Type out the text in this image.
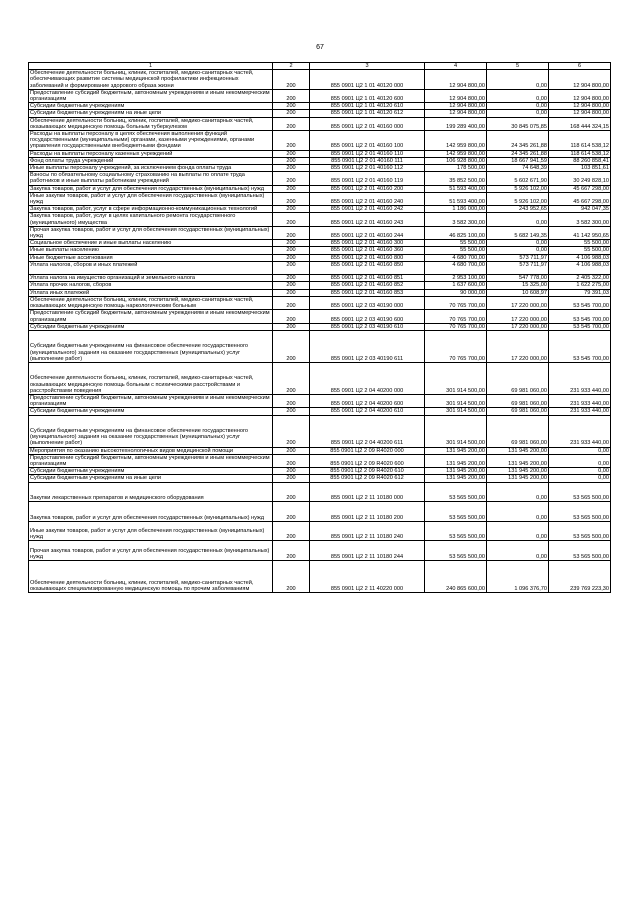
67
1	2	3	4	5	6
Обеспечение деятельности больниц, клиник, госпиталей, медико-санитарных частей, обеспечивающих развитие системы медицинской профилактики инфекционных заболеваний и формирование здорового образа жизни	200	855 0901 Ц2 1 01 40120 000	12 904 800,00	0,00	12 904 800,00
Предоставление субсидий бюджетным, автономным учреждениям и иным некоммерческим организациям	200	855 0901 Ц2 1 01 40120 600	12 904 800,00	0,00	12 904 800,00
Субсидии бюджетным учреждениям	200	855 0901 Ц2 1 01 40120 610	12 904 800,00	0,00	12 904 800,00
Субсидии бюджетным учреждениям на иные цели	200	855 0901 Ц2 1 01 40120 612	12 904 800,00	0,00	12 904 800,00
Обеспечение деятельности больниц, клиник, госпиталей, медико-санитарных частей, оказывающих медицинскую помощь больным туберкулезом	200	855 0901 Ц2 2 01 40160 000	199 289 400,00	30 845 075,85	168 444 324,15
Расходы на выплаты персоналу в целях обеспечения выполнения функций государственными (муниципальными) органами, казенными учреждениями, органами управления государственными внебюджетными фондами	200	855 0901 Ц2 2 01 40160 100	142 959 800,00	24 345 261,88	118 614 538,12
Расходы на выплаты персоналу казенных учреждений	200	855 0901 Ц2 2 01 40160 110	142 959 800,00	24 345 261,88	118 614 538,12
Фонд оплаты труда учреждений	200	855 0901 Ц2 2 01 40160 111	106 928 800,00	18 667 941,59	88 260 858,41
Иные выплаты персоналу учреждений, за исключением фонда оплаты труда	200	855 0901 Ц2 2 01 40160 112	178 500,00	74 648,39	103 851,61
Взносы по обязательному социальному страхованию на выплаты по оплате труда работников и иные выплаты работникам учреждений	200	855 0901 Ц2 2 01 40160 119	35 852 500,00	5 602 671,90	30 249 828,10
Закупка товаров, работ и услуг для обеспечения государственных (муниципальных) нужд	200	855 0901 Ц2 2 01 40160 200	51 593 400,00	5 926 102,00	45 667 298,00
Иные закупки товаров, работ и услуг для обеспечения государственных (муниципальных) нужд	200	855 0901 Ц2 2 01 40160 240	51 593 400,00	5 926 102,00	45 667 298,00
Закупка товаров, работ, услуг в сфере информационно-коммуникационных технологий	200	855 0901 Ц2 2 01 40160 242	1 186 000,00	243 952,65	942 047,35
Закупка товаров, работ, услуг в целях капитального ремонта государственного (муниципального) имущества	200	855 0901 Ц2 2 01 40160 243	3 582 300,00	0,00	3 582 300,00
Прочая закупка товаров, работ и услуг для обеспечения государственных (муниципальных) нужд	200	855 0901 Ц2 2 01 40160 244	46 825 100,00	5 682 149,35	41 142 950,65
Социальное обеспечение и иные выплаты населению	200	855 0901 Ц2 2 01 40160 300	55 500,00	0,00	55 500,00
Иные выплаты населению	200	855 0901 Ц2 2 01 40160 360	55 500,00	0,00	55 500,00
Иные бюджетные ассигнования	200	855 0901 Ц2 2 01 40160 800	4 680 700,00	573 711,97	4 106 988,03
Уплата налогов, сборов и иных платежей	200	855 0901 Ц2 2 01 40160 850	4 680 700,00	573 711,97	4 106 988,03
Уплата налога на имущество организаций и земельного налога	200	855 0901 Ц2 2 01 40160 851	2 953 100,00	547 778,00	2 405 322,00
Уплата прочих налогов, сборов	200	855 0901 Ц2 2 01 40160 852	1 637 600,00	15 325,00	1 622 275,00
Уплата иных платежей	200	855 0901 Ц2 2 01 40160 853	90 000,00	10 608,97	79 391,03
Обеспечение деятельности больниц, клиник, госпиталей, медико-санитарных частей, оказывающих медицинскую помощь наркологическим больным	200	855 0901 Ц2 2 03 40190 000	70 765 700,00	17 220 000,00	53 545 700,00
Предоставление субсидий бюджетным, автономным учреждениям и иным некоммерческим организациям	200	855 0901 Ц2 2 03 40190 600	70 765 700,00	17 220 000,00	53 545 700,00
Субсидии бюджетным учреждениям	200	855 0901 Ц2 2 03 40190 610	70 765 700,00	17 220 000,00	53 545 700,00
Субсидии бюджетным учреждениям на финансовое обеспечение государственного (муниципального) задания на оказание государственных (муниципальных) услуг (выполнение работ)	200	855 0901 Ц2 2 03 40190 611	70 765 700,00	17 220 000,00	53 545 700,00
Обеспечение деятельности больниц, клиник, госпиталей, медико-санитарных частей, оказывающих медицинскую помощь больным с психическими расстройствами и расстройствами поведения	200	855 0901 Ц2 2 04 40200 000	301 914 500,00	69 981 060,00	231 933 440,00
Предоставление субсидий бюджетным, автономным учреждениям и иным некоммерческим организациям	200	855 0901 Ц2 2 04 40200 600	301 914 500,00	69 981 060,00	231 933 440,00
Субсидии бюджетным учреждениям	200	855 0901 Ц2 2 04 40200 610	301 914 500,00	69 981 060,00	231 933 440,00
Субсидии бюджетным учреждениям на финансовое обеспечение государственного (муниципального) задания на оказание государственных (муниципальных) услуг (выполнение работ)	200	855 0901 Ц2 2 04 40200 611	301 914 500,00	69 981 060,00	231 933 440,00
Мероприятия по оказанию высокотехнологичных видов медицинской помощи	200	855 0901 Ц2 2 09 R4020 000	131 945 200,00	131 945 200,00	0,00
Предоставление субсидий бюджетным, автономным учреждениям и иным некоммерческим организациям	200	855 0901 Ц2 2 09 R4020 600	131 945 200,00	131 945 200,00	0,00
Субсидии бюджетным учреждениям	200	855 0901 Ц2 2 09 R4020 610	131 945 200,00	131 945 200,00	0,00
Субсидии бюджетным учреждениям на иные цели	200	855 0901 Ц2 2 09 R4020 612	131 945 200,00	131 945 200,00	0,00
Закупки лекарственных препаратов и медицинского оборудования	200	855 0901 Ц2 2 11 10180 000	53 565 500,00	0,00	53 565 500,00
Закупка товаров, работ и услуг для обеспечения государственных (муниципальных) нужд	200	855 0901 Ц2 2 11 10180 200	53 565 500,00	0,00	53 565 500,00
Иные закупки товаров, работ и услуг для обеспечения государственных (муниципальных) нужд	200	855 0901 Ц2 2 11 10180 240	53 565 500,00	0,00	53 565 500,00
Прочая закупка товаров, работ и услуг для обеспечения государственных (муниципальных) нужд	200	855 0901 Ц2 2 11 10180 244	53 565 500,00	0,00	53 565 500,00
Обеспечение деятельности больниц, клиник, госпиталей, медико-санитарных частей, оказывающих специализированную медицинскую помощь по прочим заболеваниям	200	855 0901 Ц2 2 11 40220 000	240 865 600,00	1 096 376,70	239 769 223,30
